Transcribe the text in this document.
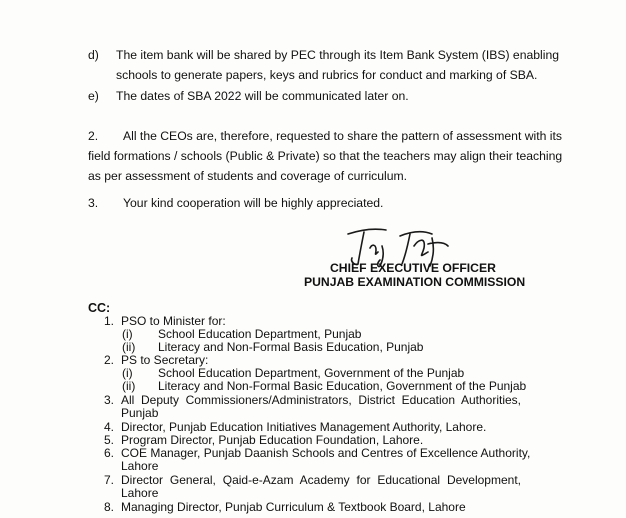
d) The item bank will be shared by PEC through its Item Bank System (IBS) enabling
schools to generate papers, keys and rubrics for conduct and marking of SBA.
e) The dates of SBA 2022 will be communicated later on.
2. All the CEOs are, therefore, requested to share the pattern of assessment with its
field formations / schools (Public & Private) so that the teachers may align their teaching
as per assessment of students and coverage of curriculum.
3. Your kind cooperation will be highly appreciated.
CHIEF EXECUTIVE OFFICER
PUNJAB EXAMINATION COMMISSION
CC:
1. PSO to Minister for:
(i) School Education Department, Punjab
(ii) Literacy and Non-Formal Basis Education, Punjab
2. PS to Secretary:
(i) School Education Department, Government of the Punjab
(ii) Literacy and Non-Formal Basic Education, Government of the Punjab
3. All Deputy Commissioners/Administrators, District Education Authorities,
Punjab
4. Director, Punjab Education Initiatives Management Authority, Lahore.
5. Program Director, Punjab Education Foundation, Lahore.
6. COE Manager, Punjab Daanish Schools and Centres of Excellence Authority,
Lahore
7. Director General, Qaid-e-Azam Academy for Educational Development,
Lahore
8. Managing Director, Punjab Curriculum & Textbook Board, Lahore
